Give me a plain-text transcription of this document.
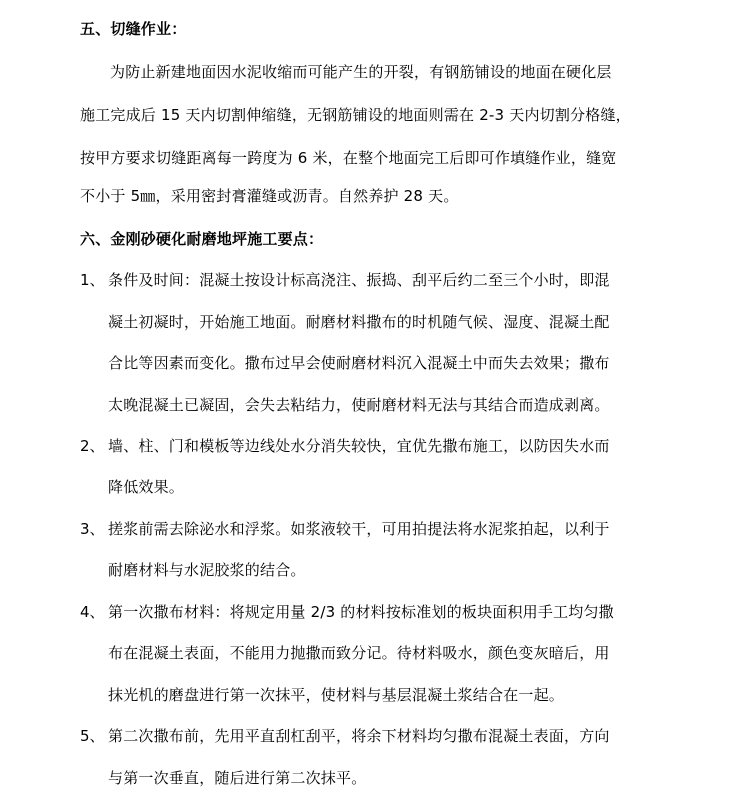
五、切缝作业：
为防止新建地面因水泥收缩而可能产生的开裂，有钢筋铺设的地面在硬化层
施工完成后 15 天内切割伸缩缝，无钢筋铺设的地面则需在 2-3 天内切割分格缝，
按甲方要求切缝距离每一跨度为 6 米，在整个地面完工后即可作填缝作业，缝宽
不小于 5㎜，采用密封膏灌缝或沥青。自然养护 28 天。
六、金刚砂硬化耐磨地坪施工要点：
1、 条件及时间：混凝土按设计标高浇注、振捣、刮平后约二至三个小时，即混
凝土初凝时，开始施工地面。耐磨材料撒布的时机随气候、湿度、混凝土配
合比等因素而变化。撒布过早会使耐磨材料沉入混凝土中而失去效果；撒布
太晚混凝土已凝固，会失去粘结力，使耐磨材料无法与其结合而造成剥离。
2、 墙、柱、门和模板等边线处水分消失较快，宜优先撒布施工，以防因失水而
降低效果。
3、 搓浆前需去除泌水和浮浆。如浆液较干，可用拍提法将水泥浆拍起，以利于
耐磨材料与水泥胶浆的结合。
4、 第一次撒布材料：将规定用量 2/3 的材料按标准划的板块面积用手工均匀撒
布在混凝土表面，不能用力抛撒而致分记。待材料吸水，颜色变灰暗后，用
抹光机的磨盘进行第一次抹平，使材料与基层混凝土浆结合在一起。
5、 第二次撒布前，先用平直刮杠刮平，将余下材料均匀撒布混凝土表面，方向
与第一次垂直，随后进行第二次抹平。
